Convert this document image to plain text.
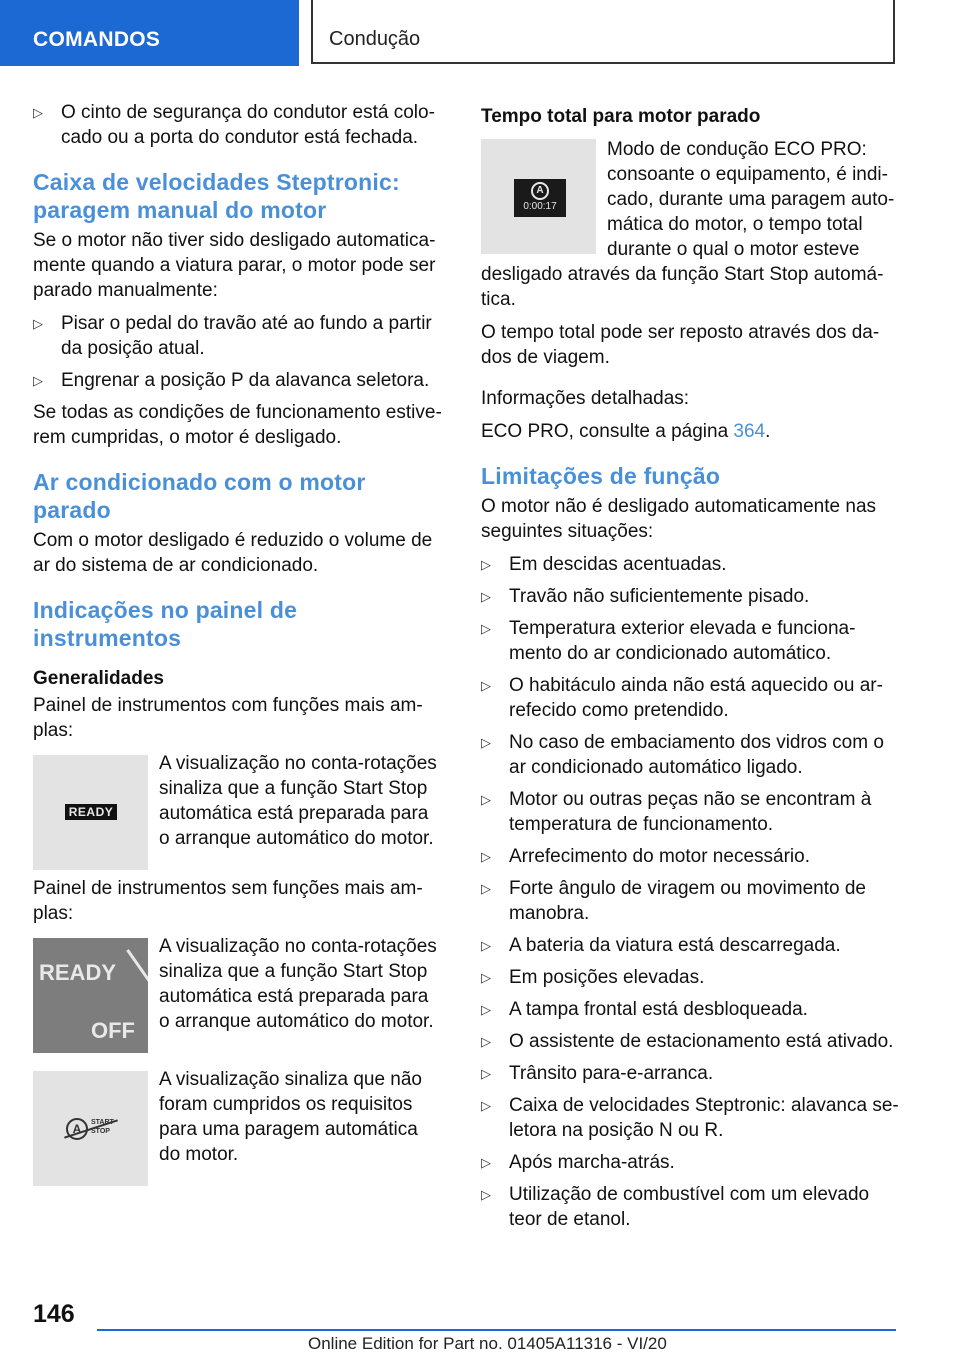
COMANDOS	Condução
▷ O cinto de segurança do condutor está colocado ou a porta do condutor está fechada.
Caixa de velocidades Steptronic: paragem manual do motor

Se o motor não tiver sido desligado automaticamente quando a viatura parar, o motor pode ser parado manualmente:

▷ Pisar o pedal do travão até ao fundo a partir da posição atual.
▷ Engrenar a posição P da alavanca seletora.

Se todas as condições de funcionamento estiverem cumpridas, o motor é desligado.

Ar condicionado com o motor parado

Com o motor desligado é reduzido o volume de ar do sistema de ar condicionado.

Indicações no painel de instrumentos
Generalidades

Painel de instrumentos com funções mais amplas:

READY

A visualização no conta-rotações sinaliza que a função Start Stop automática está preparada para o arranque automático do motor.

Painel de instrumentos sem funções mais amplas:

READY
OFF

A visualização no conta-rotações sinaliza que a função Start Stop automática está preparada para o arranque automático do motor.

A	START STOP

A visualização sinaliza que não foram cumpridos os requisitos para uma paragem automática do motor.

Tempo total para motor parado
A
0:00:17

Modo de condução ECO PRO: consoante o equipamento, é indicado, durante uma paragem automática do motor, o tempo total durante o qual o motor esteve

desligado através da função Start Stop automática.

O tempo total pode ser reposto através dos dados de viagem.

Informações detalhadas:

ECO PRO, consulte a página 364.

Limitações de função

O motor não é desligado automaticamente nas seguintes situações:

▷ Em descidas acentuadas.
▷ Travão não suficientemente pisado.
▷ Temperatura exterior elevada e funcionamento do ar condicionado automático.
▷ O habitáculo ainda não está aquecido ou arrefecido como pretendido.
▷ No caso de embaciamento dos vidros com o ar condicionado automático ligado.
▷ Motor ou outras peças não se encontram à temperatura de funcionamento.
▷ Arrefecimento do motor necessário.
▷ Forte ângulo de viragem ou movimento de manobra.
▷ A bateria da viatura está descarregada.
▷ Em posições elevadas.
▷ A tampa frontal está desbloqueada.
▷ O assistente de estacionamento está ativado.
▷ Trânsito para-e-arranca.
▷ Caixa de velocidades Steptronic: alavanca seletora na posição N ou R.
▷ Após marcha-atrás.
▷ Utilização de combustível com um elevado teor de etanol.
146
Online Edition for Part no. 01405A11316 - VI/20
